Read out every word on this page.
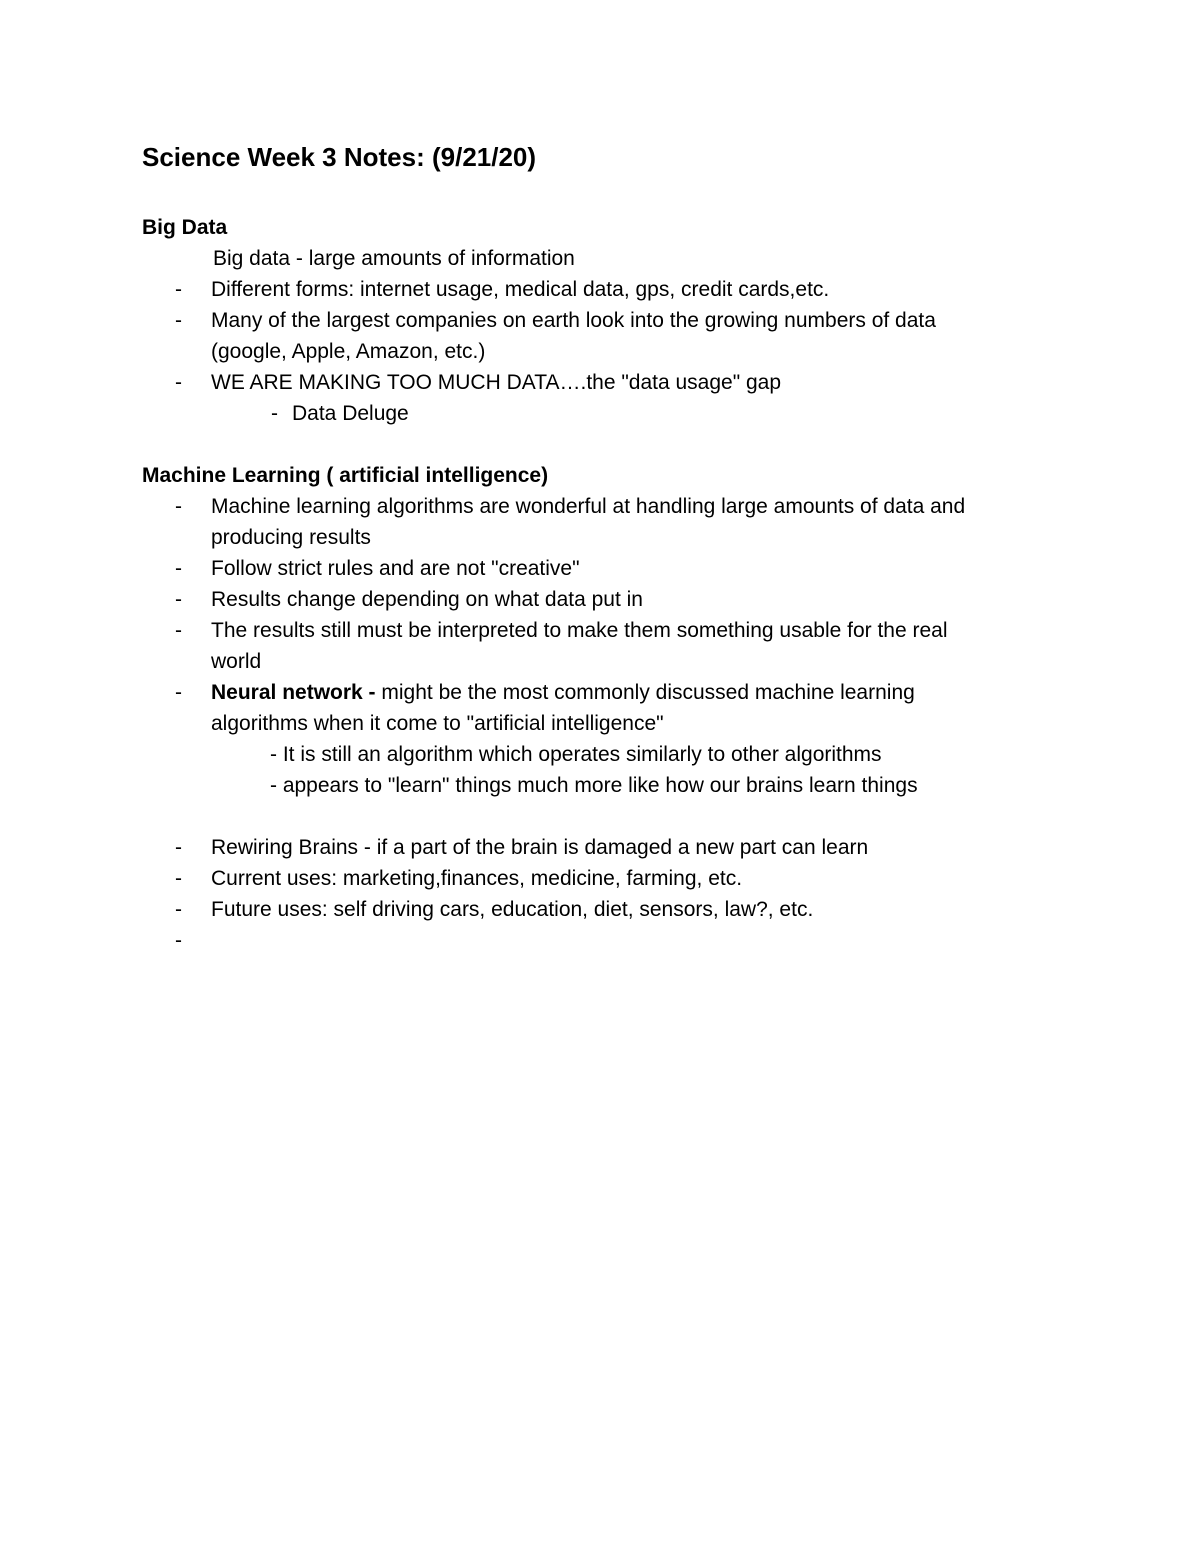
Science Week 3 Notes: (9/21/20)
Big Data
Big data - large amounts of information
- Different forms: internet usage, medical data, gps, credit cards,etc.
- Many of the largest companies on earth look into the growing numbers of data
(google, Apple, Amazon, etc.)
- WE ARE MAKING TOO MUCH DATA….the "data usage" gap
- Data Deluge
Machine Learning ( artificial intelligence)
- Machine learning algorithms are wonderful at handling large amounts of data and
producing results
- Follow strict rules and are not "creative"
- Results change depending on what data put in
- The results still must be interpreted to make them something usable for the real
world
- Neural network - might be the most commonly discussed machine learning
algorithms when it come to "artificial intelligence"
- It is still an algorithm which operates similarly to other algorithms
- appears to "learn" things much more like how our brains learn things
- Rewiring Brains - if a part of the brain is damaged a new part can learn
- Current uses: marketing,finances, medicine, farming, etc.
- Future uses: self driving cars, education, diet, sensors, law?, etc.
-
